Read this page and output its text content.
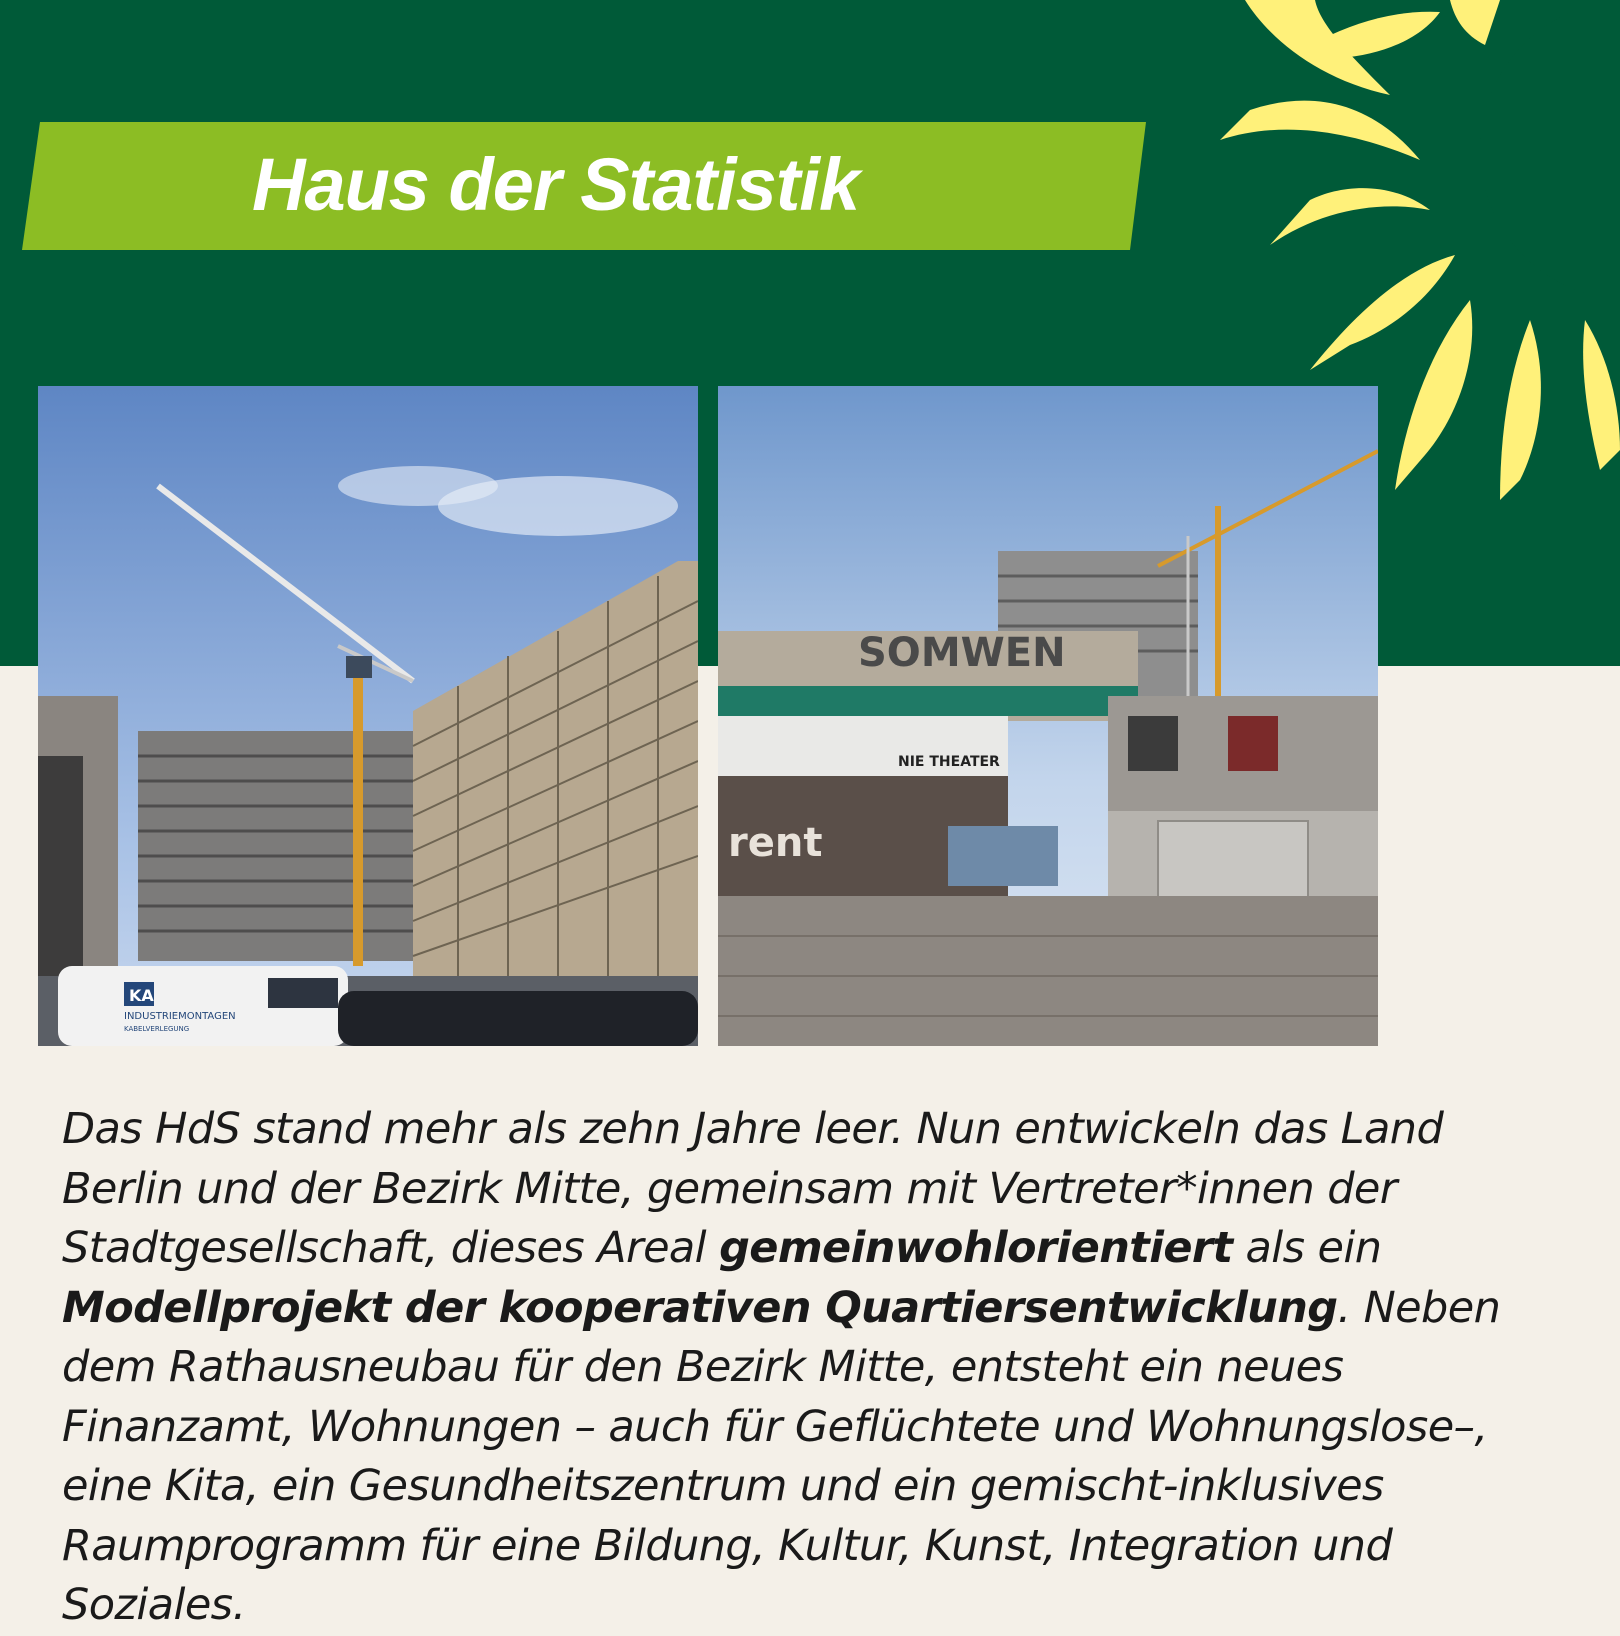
Haus der Statistik
KA
INDUSTRIEMONTAGEN
KABELVERLEGUNG
SOMWEN
NIE THEATER
rent
Das HdS stand mehr als zehn Jahre leer. Nun entwickeln das Land Berlin und der Bezirk Mitte, gemeinsam mit Vertreter*innen der Stadtgesellschaft, dieses Areal gemeinwohlorientiert als ein Modellprojekt der kooperativen Quartiersentwicklung. Neben dem Rathausneubau für den Bezirk Mitte, entsteht ein neues Finanzamt, Wohnungen – auch für Geflüchtete und Wohnungslose–, eine Kita, ein Gesundheitszentrum und ein gemischt-inklusives Raumprogramm für eine Bildung, Kultur, Kunst, Integration und Soziales.
